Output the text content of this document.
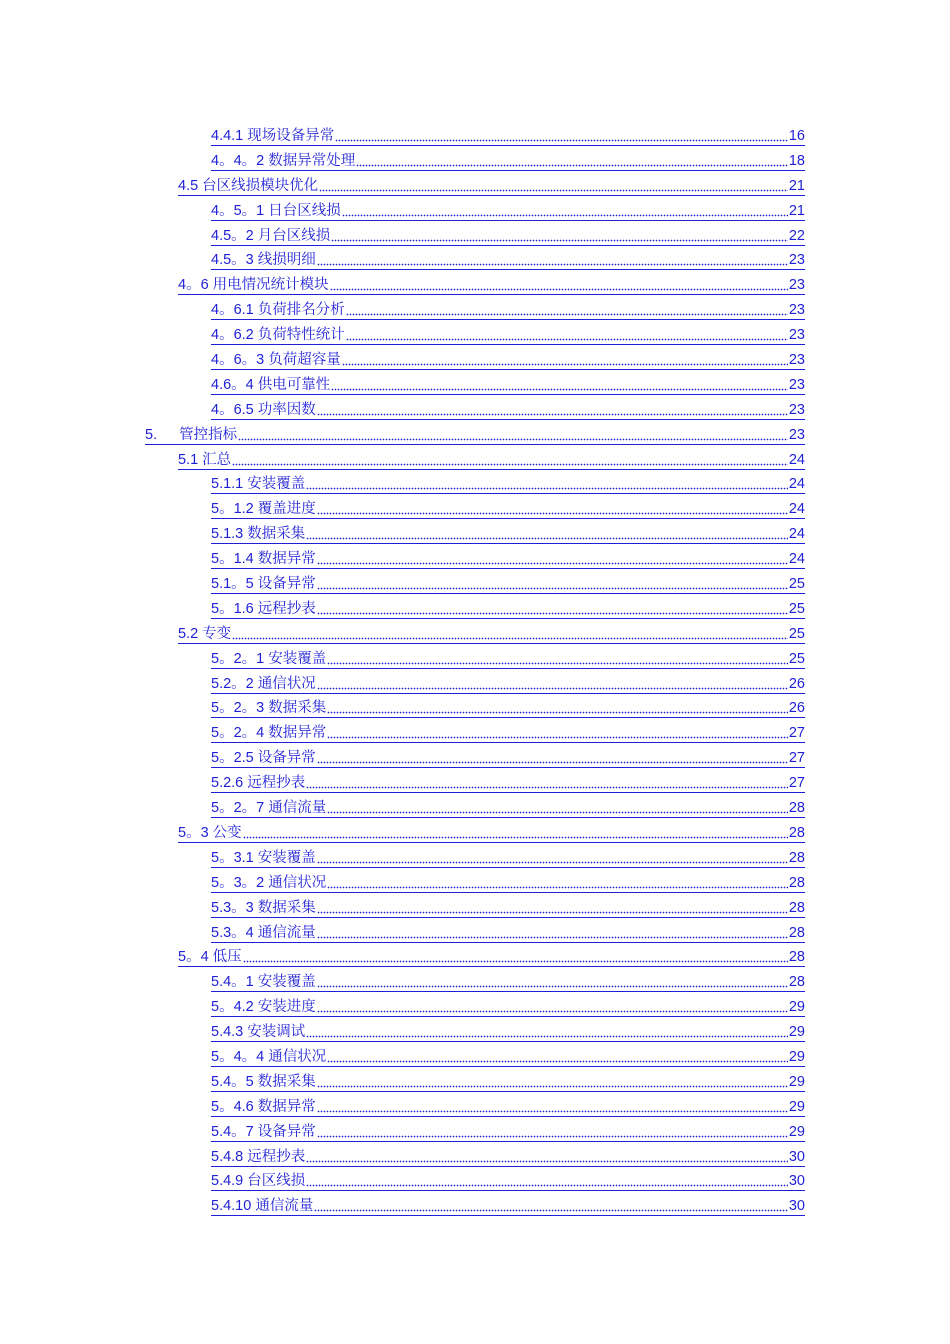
4.4.1 现场设备异常	16
4。4。2 数据异常处理	18
4.5 台区线损模块优化	21
4。5。1 日台区线损	21
4.5。2 月台区线损	22
4.5。3 线损明细	23
4。6 用电情况统计模块	23
4。6.1 负荷排名分析	23
4。6.2 负荷特性统计	23
4。6。3 负荷超容量	23
4.6。4 供电可靠性	23
4。6.5 功率因数	23
5. 管控指标	23
5.1 汇总	24
5.1.1 安装覆盖	24
5。1.2 覆盖进度	24
5.1.3 数据采集	24
5。1.4 数据异常	24
5.1。5 设备异常	25
5。1.6 远程抄表	25
5.2 专变	25
5。2。1 安装覆盖	25
5.2。2 通信状况	26
5。2。3 数据采集	26
5。2。4 数据异常	27
5。2.5 设备异常	27
5.2.6 远程抄表	27
5。2。7 通信流量	28
5。3 公变	28
5。3.1 安装覆盖	28
5。3。2 通信状况	28
5.3。3 数据采集	28
5.3。4 通信流量	28
5。4 低压	28
5.4。1 安装覆盖	28
5。4.2 安装进度	29
5.4.3 安装调试	29
5。4。4 通信状况	29
5.4。5 数据采集	29
5。4.6 数据异常	29
5.4。7 设备异常	29
5.4.8 远程抄表	30
5.4.9 台区线损	30
5.4.10 通信流量	30
